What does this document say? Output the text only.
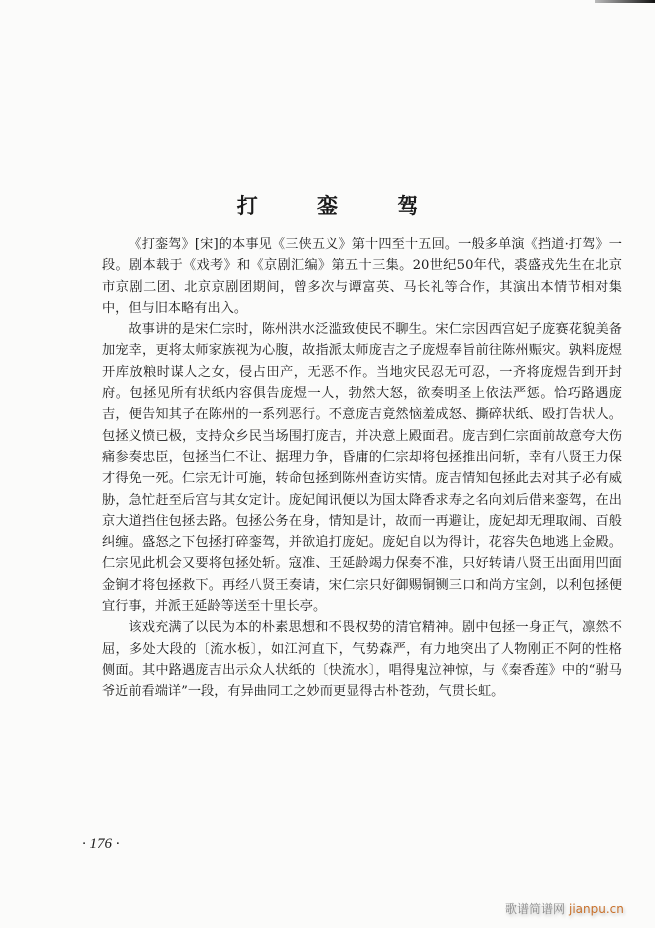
打	銮	驾

《打銮驾》[宋]的本事见《三侠五义》第十四至十五回。一般多单演《挡道·打驾》一段。剧本载于《戏考》和《京剧汇编》第五十三集。20世纪50年代，裘盛戎先生在北京市京剧二团、北京京剧团期间，曾多次与谭富英、马长礼等合作，其演出本情节相对集中，但与旧本略有出入。

故事讲的是宋仁宗时，陈州洪水泛滥致使民不聊生。宋仁宗因西宫妃子庞赛花貌美备加宠幸，更将太师家族视为心腹，故指派太师庞吉之子庞煜奉旨前往陈州赈灾。孰料庞煜开库放粮时谋人之女，侵占田产，无恶不作。当地灾民忍无可忍，一齐将庞煜告到开封府。包拯见所有状纸内容俱告庞煜一人，勃然大怒，欲奏明圣上依法严惩。恰巧路遇庞吉，便告知其子在陈州的一系列恶行。不意庞吉竟然恼羞成怒、撕碎状纸、殴打告状人。包拯义愤已极，支持众乡民当场围打庞吉，并决意上殿面君。庞吉到仁宗面前故意夸大伤痛参奏忠臣，包拯当仁不让、据理力争，昏庸的仁宗却将包拯推出问斩，幸有八贤王力保才得免一死。仁宗无计可施，转命包拯到陈州查访实情。庞吉情知包拯此去对其子必有威胁，急忙赶至后宫与其女定计。庞妃闻讯便以为国太降香求寿之名向刘后借来銮驾，在出京大道挡住包拯去路。包拯公务在身，情知是计，故而一再避让，庞妃却无理取闹、百般纠缠。盛怒之下包拯打碎銮驾，并欲追打庞妃。庞妃自以为得计，花容失色地逃上金殿。仁宗见此机会又要将包拯处斩。寇准、王延龄竭力保奏不准，只好转请八贤王出面用凹面金锏才将包拯救下。再经八贤王奏请，宋仁宗只好御赐铜铡三口和尚方宝剑，以利包拯便宜行事，并派王延龄等送至十里长亭。

该戏充满了以民为本的朴素思想和不畏权势的清官精神。剧中包拯一身正气，凛然不屈，多处大段的〔流水板〕，如江河直下，气势森严，有力地突出了人物刚正不阿的性格侧面。其中路遇庞吉出示众人状纸的〔快流水〕，唱得鬼泣神惊，与《秦香莲》中的“驸马爷近前看端详”一段，有异曲同工之妙而更显得古朴苍劲，气贯长虹。

· 176 ·
歌谱简谱网 jianpu.cn
